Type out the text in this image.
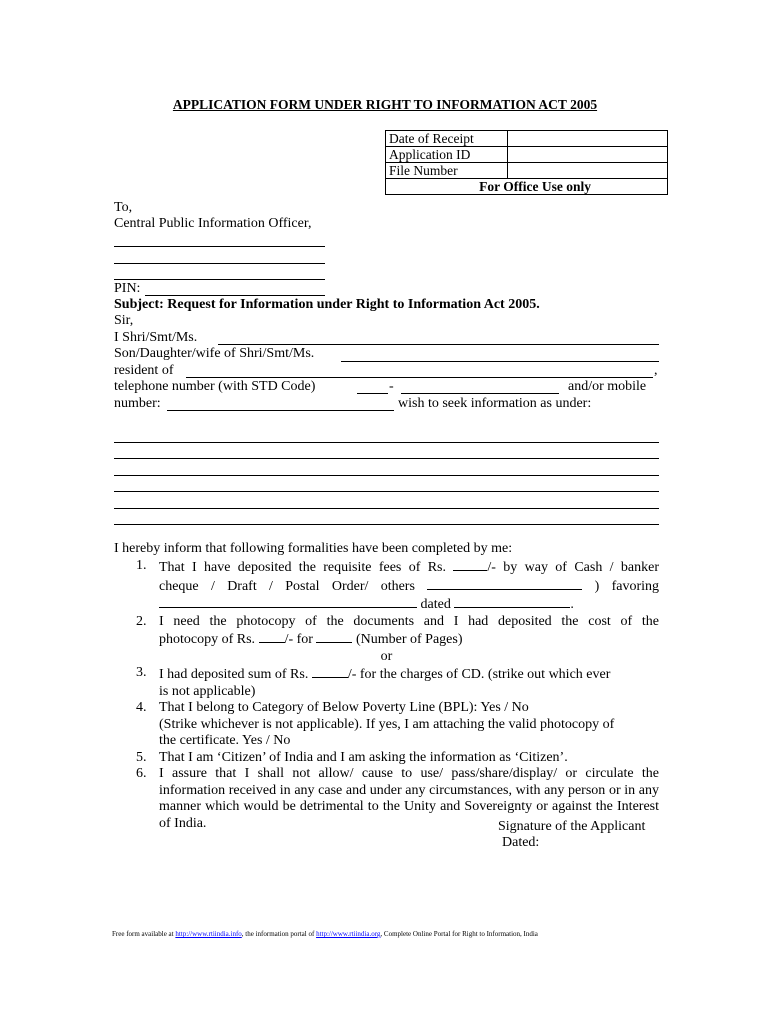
APPLICATION FORM UNDER RIGHT TO INFORMATION ACT 2005
Date of Receipt	
Application ID	
File Number	
For Office Use only	
To,
Central Public Information Officer,
PIN:
Subject: Request for Information under Right to Information Act 2005.
Sir,
I Shri/Smt/Ms.
Son/Daughter/wife of Shri/Smt/Ms.
resident of	,
telephone number (with STD Code)	-	and/or mobile
number:	wish to seek information as under:
I hereby inform that following formalities have been completed by me:
1. That I have deposited the requisite fees of Rs.	/- by way of Cash / banker
cheque / Draft / Postal Order/ others	) favoring
dated	.
2. I need the photocopy of the documents and I had deposited the cost of the
photocopy of Rs. /- for	(Number of Pages)
or
3. I had deposited sum of Rs.	/- for the charges of CD. (strike out which ever
is not applicable)
4. That I belong to Category of Below Poverty Line (BPL): Yes / No
(Strike whichever is not applicable). If yes, I am attaching the valid photocopy of
the certificate. Yes / No
5. That I am ‘Citizen’ of India and I am asking the information as ‘Citizen’.
6. I assure that I shall not allow/ cause to use/ pass/share/display/ or circulate the information received in any case and under any circumstances, with any person or in any manner which would be detrimental to the Unity and Sovereignty or against the Interest of India.	Signature of the Applicant
Dated:
Free form available at http://www.rtiindia.info, the information portal of http://www.rtiindia.org, Complete Online Portal for Right to Information, India
